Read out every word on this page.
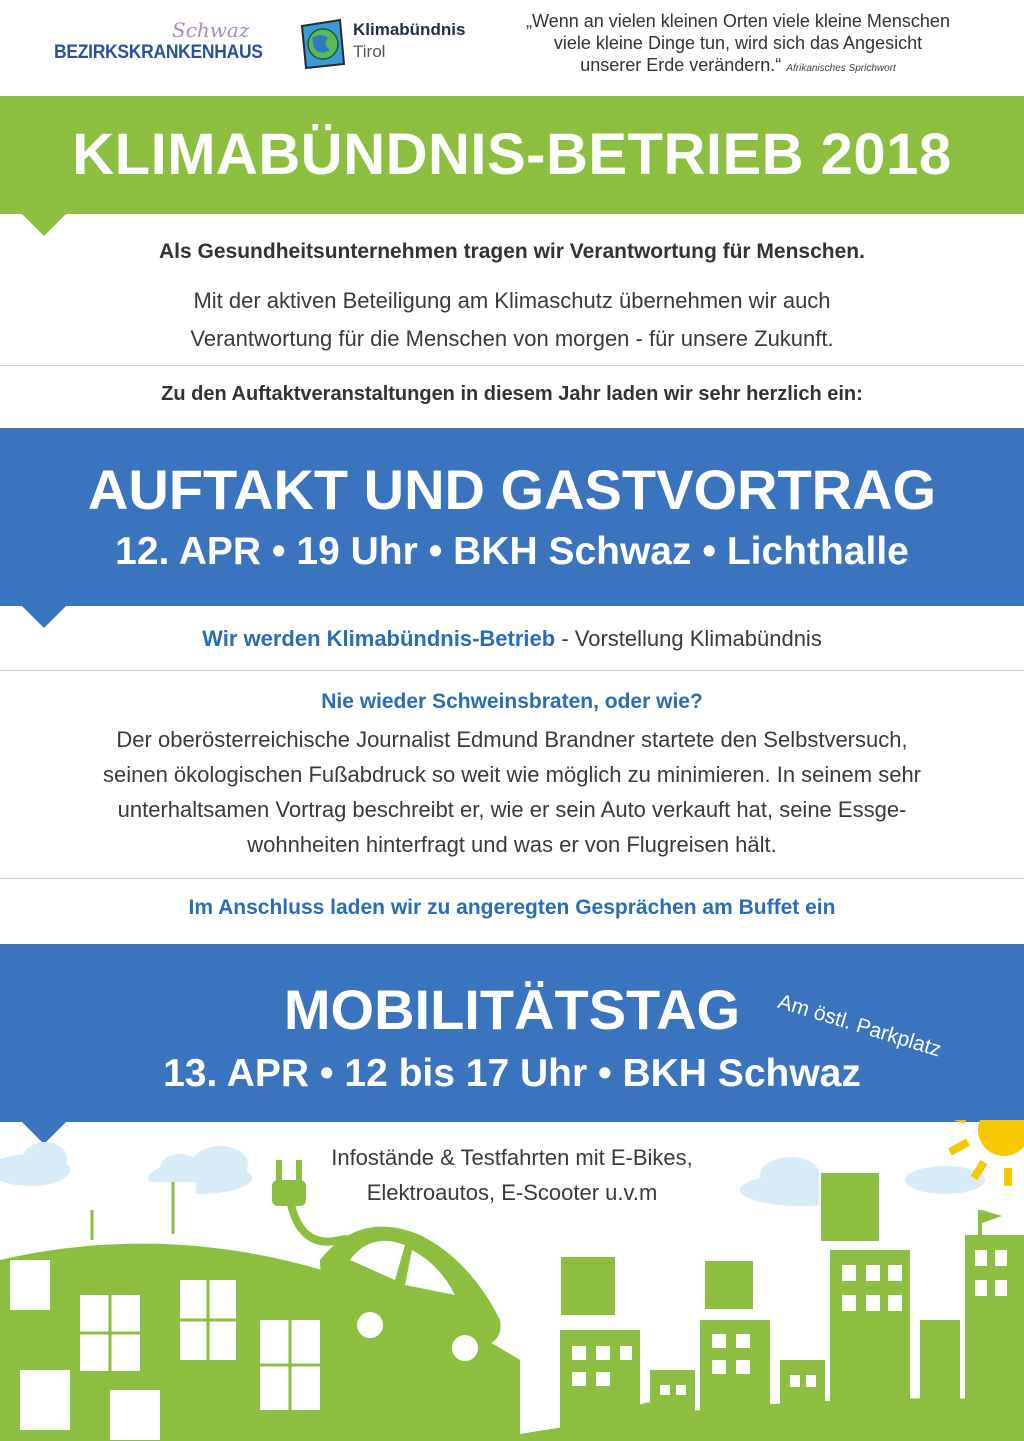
Schwaz
BEZIRKSKRANKENHAUS
Klimabündnis
Tirol
„Wenn an vielen kleinen Orten viele kleine Menschen
viele kleine Dinge tun, wird sich das Angesicht
unserer Erde verändern.“ Afrikanisches Sprichwort
KLIMABÜNDNIS-BETRIEB 2018
Als Gesundheitsunternehmen tragen wir Verantwortung für Menschen.
Mit der aktiven Beteiligung am Klimaschutz übernehmen wir auch
Verantwortung für die Menschen von morgen - für unsere Zukunft.
Zu den Auftaktveranstaltungen in diesem Jahr laden wir sehr herzlich ein:
AUFTAKT UND GASTVORTRAG
12. APR • 19 Uhr • BKH Schwaz • Lichthalle
Wir werden Klimabündnis-Betrieb - Vorstellung Klimabündnis
Nie wieder Schweinsbraten, oder wie?
Der oberösterreichische Journalist Edmund Brandner startete den Selbstversuch,
seinen ökologischen Fußabdruck so weit wie möglich zu minimieren. In seinem sehr
unterhaltsamen Vortrag beschreibt er, wie er sein Auto verkauft hat, seine Essge-
wohnheiten hinterfragt und was er von Flugreisen hält.
Im Anschluss laden wir zu angeregten Gesprächen am Buffet ein
MOBILITÄTSTAG
13. APR • 12 bis 17 Uhr • BKH Schwaz
Am östl. Parkplatz
Infostände & Testfahrten mit E-Bikes,
Elektroautos, E-Scooter u.v.m
